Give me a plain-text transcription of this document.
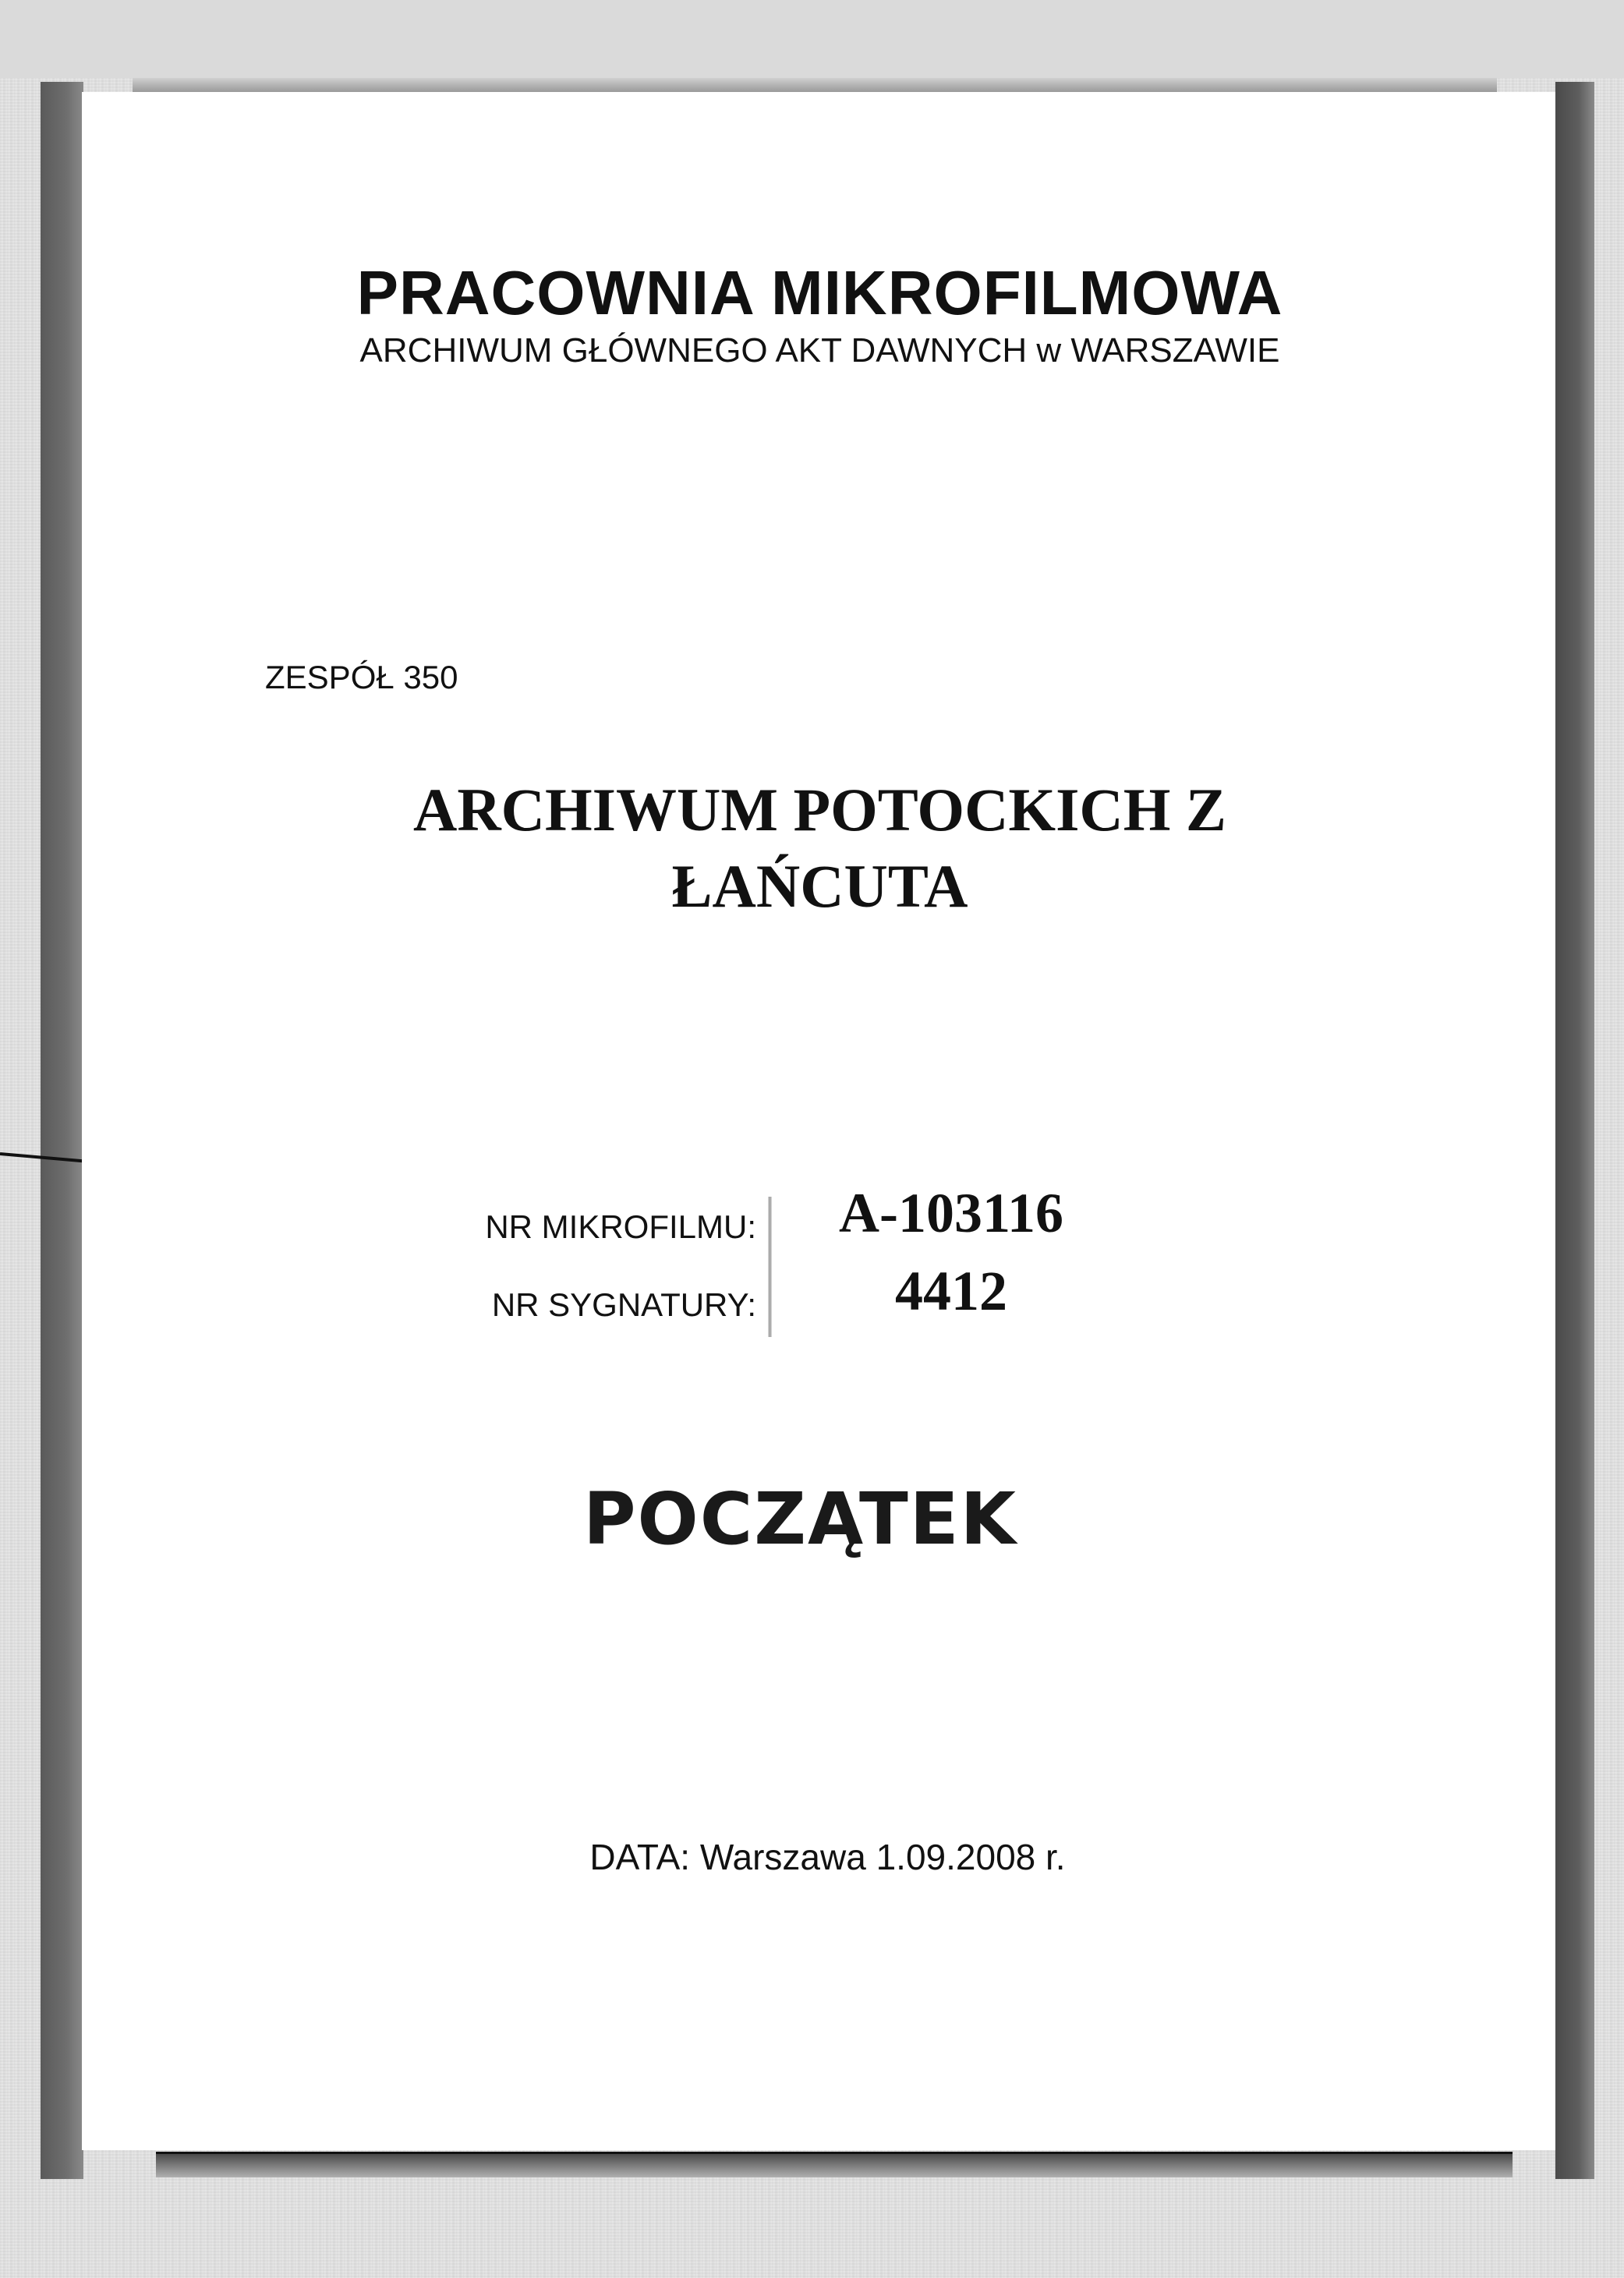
PRACOWNIA MIKROFILMOWA
ARCHIWUM GŁÓWNEGO AKT DAWNYCH w WARSZAWIE
ZESPÓŁ 350
ARCHIWUM POTOCKICH Z
ŁAŃCUTA
NR MIKROFILMU:
NR SYGNATURY:
A-103116
4412
POCZĄTEK
DATA: Warszawa 1.09.2008 r.
